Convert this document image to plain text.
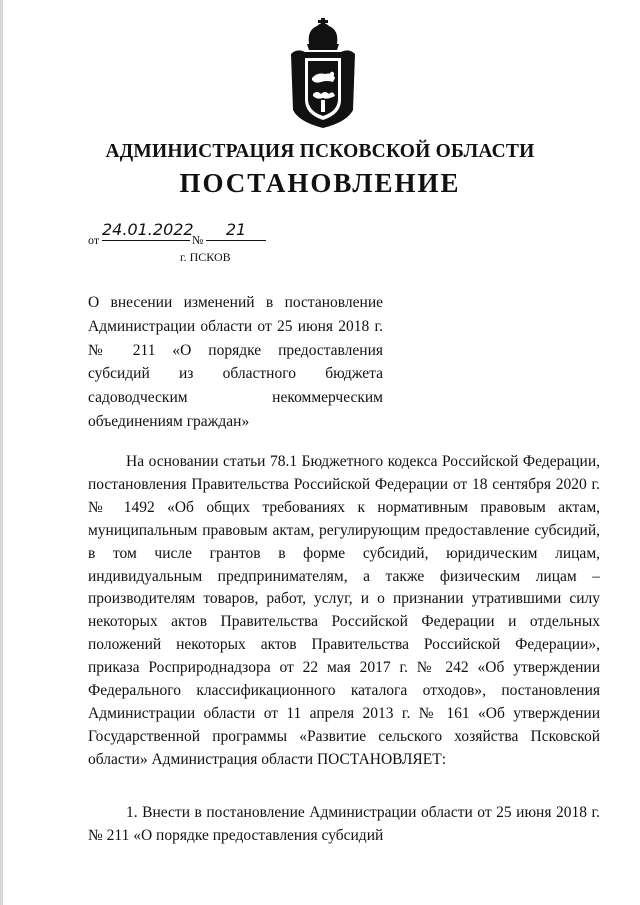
АДМИНИСТРАЦИЯ ПСКОВСКОЙ ОБЛАСТИ
ПОСТАНОВЛЕНИЕ
от
24.01.2022
№
21
г. ПСКОВ
О внесении изменений в постановление Администрации области от 25 июня 2018 г. № 211 «О порядке предоставления субсидий из областного бюджета садоводческим некоммерческим объединениям граждан»
На основании статьи 78.1 Бюджетного кодекса Российской Федерации, постановления Правительства Российской Федерации от 18 сентября 2020 г. № 1492 «Об общих требованиях к нормативным правовым актам, муниципальным правовым актам, регулирующим предоставление субсидий, в том числе грантов в форме субсидий, юридическим лицам, индивидуальным предпринимателям, а также физическим лицам – производителям товаров, работ, услуг, и о признании утратившими силу некоторых актов Правительства Российской Федерации и отдельных положений некоторых актов Правительства Российской Федерации», приказа Росприроднадзора от 22 мая 2017 г. № 242 «Об утверждении Федерального классификационного каталога отходов», постановления Администрации области от 11 апреля 2013 г. № 161 «Об утверждении Государственной программы «Развитие сельского хозяйства Псковской области» Администрация области ПОСТАНОВЛЯЕТ:
1. Внести в постановление Администрации области от 25 июня 2018 г. № 211 «О порядке предоставления субсидий
